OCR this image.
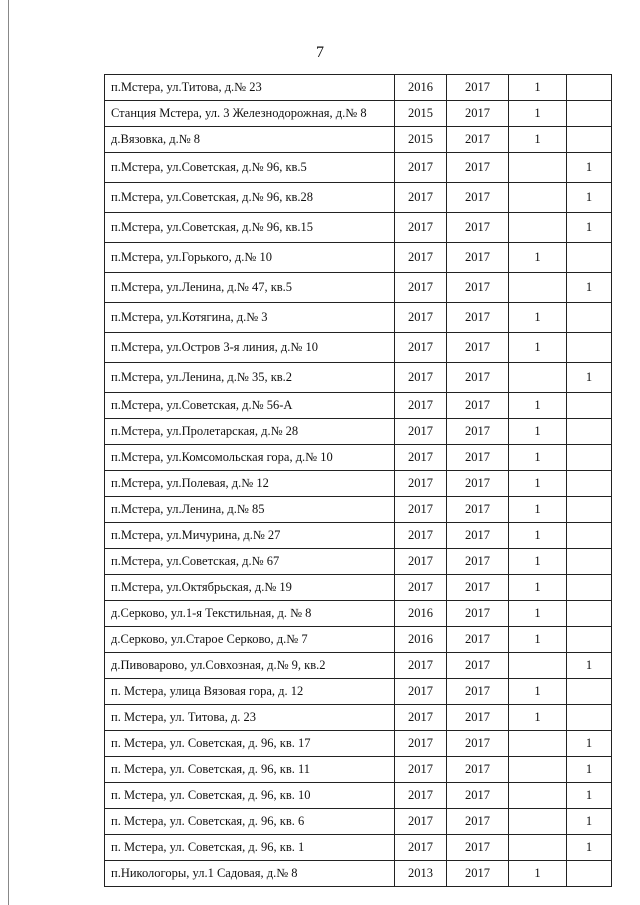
7
п.Мстера, ул.Титова, д.№ 23	2016	2017	1	
Станция Мстера, ул. 3 Железнодорожная, д.№ 8	2015	2017	1	
д.Вязовка, д.№ 8	2015	2017	1	
п.Мстера, ул.Советская, д.№ 96, кв.5	2017	2017		1
п.Мстера, ул.Советская, д.№ 96, кв.28	2017	2017		1
п.Мстера, ул.Советская, д.№ 96, кв.15	2017	2017		1
п.Мстера, ул.Горького, д.№ 10	2017	2017	1	
п.Мстера, ул.Ленина, д.№ 47, кв.5	2017	2017		1
п.Мстера, ул.Котягина, д.№ 3	2017	2017	1	
п.Мстера, ул.Остров 3-я линия, д.№ 10	2017	2017	1	
п.Мстера, ул.Ленина, д.№ 35, кв.2	2017	2017		1
п.Мстера, ул.Советская, д.№ 56-А	2017	2017	1	
п.Мстера, ул.Пролетарская, д.№ 28	2017	2017	1	
п.Мстера, ул.Комсомольская гора, д.№ 10	2017	2017	1	
п.Мстера, ул.Полевая, д.№ 12	2017	2017	1	
п.Мстера, ул.Ленина, д.№ 85	2017	2017	1	
п.Мстера, ул.Мичурина, д.№ 27	2017	2017	1	
п.Мстера, ул.Советская, д.№ 67	2017	2017	1	
п.Мстера, ул.Октябрьская, д.№ 19	2017	2017	1	
д.Серково, ул.1-я Текстильная, д. № 8	2016	2017	1	
д.Серково, ул.Старое Серково, д.№ 7	2016	2017	1	
д.Пивоварово, ул.Совхозная, д.№ 9, кв.2	2017	2017		1
п. Мстера, улица Вязовая гора, д. 12	2017	2017	1	
п. Мстера, ул. Титова, д. 23	2017	2017	1	
п. Мстера, ул. Советская, д. 96, кв. 17	2017	2017		1
п. Мстера, ул. Советская, д. 96, кв. 11	2017	2017		1
п. Мстера, ул. Советская, д. 96, кв. 10	2017	2017		1
п. Мстера, ул. Советская, д. 96, кв. 6	2017	2017		1
п. Мстера, ул. Советская, д. 96, кв. 1	2017	2017		1
п.Никологоры, ул.1 Садовая, д.№ 8	2013	2017	1	
